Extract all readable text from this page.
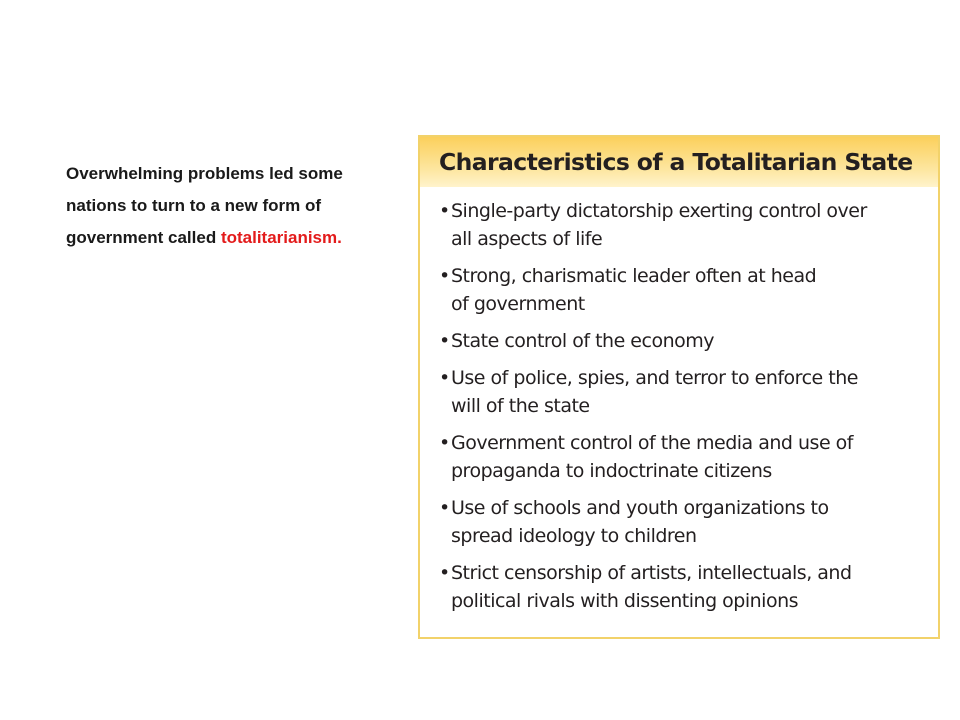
Overwhelming problems led some
nations to turn to a new form of
government called totalitarianism.
Characteristics of a Totalitarian State
• Single-party dictatorship exerting control over
all aspects of life
• Strong, charismatic leader often at head
of government
• State control of the economy
• Use of police, spies, and terror to enforce the
will of the state
• Government control of the media and use of
propaganda to indoctrinate citizens
• Use of schools and youth organizations to
spread ideology to children
• Strict censorship of artists, intellectuals, and
political rivals with dissenting opinions
